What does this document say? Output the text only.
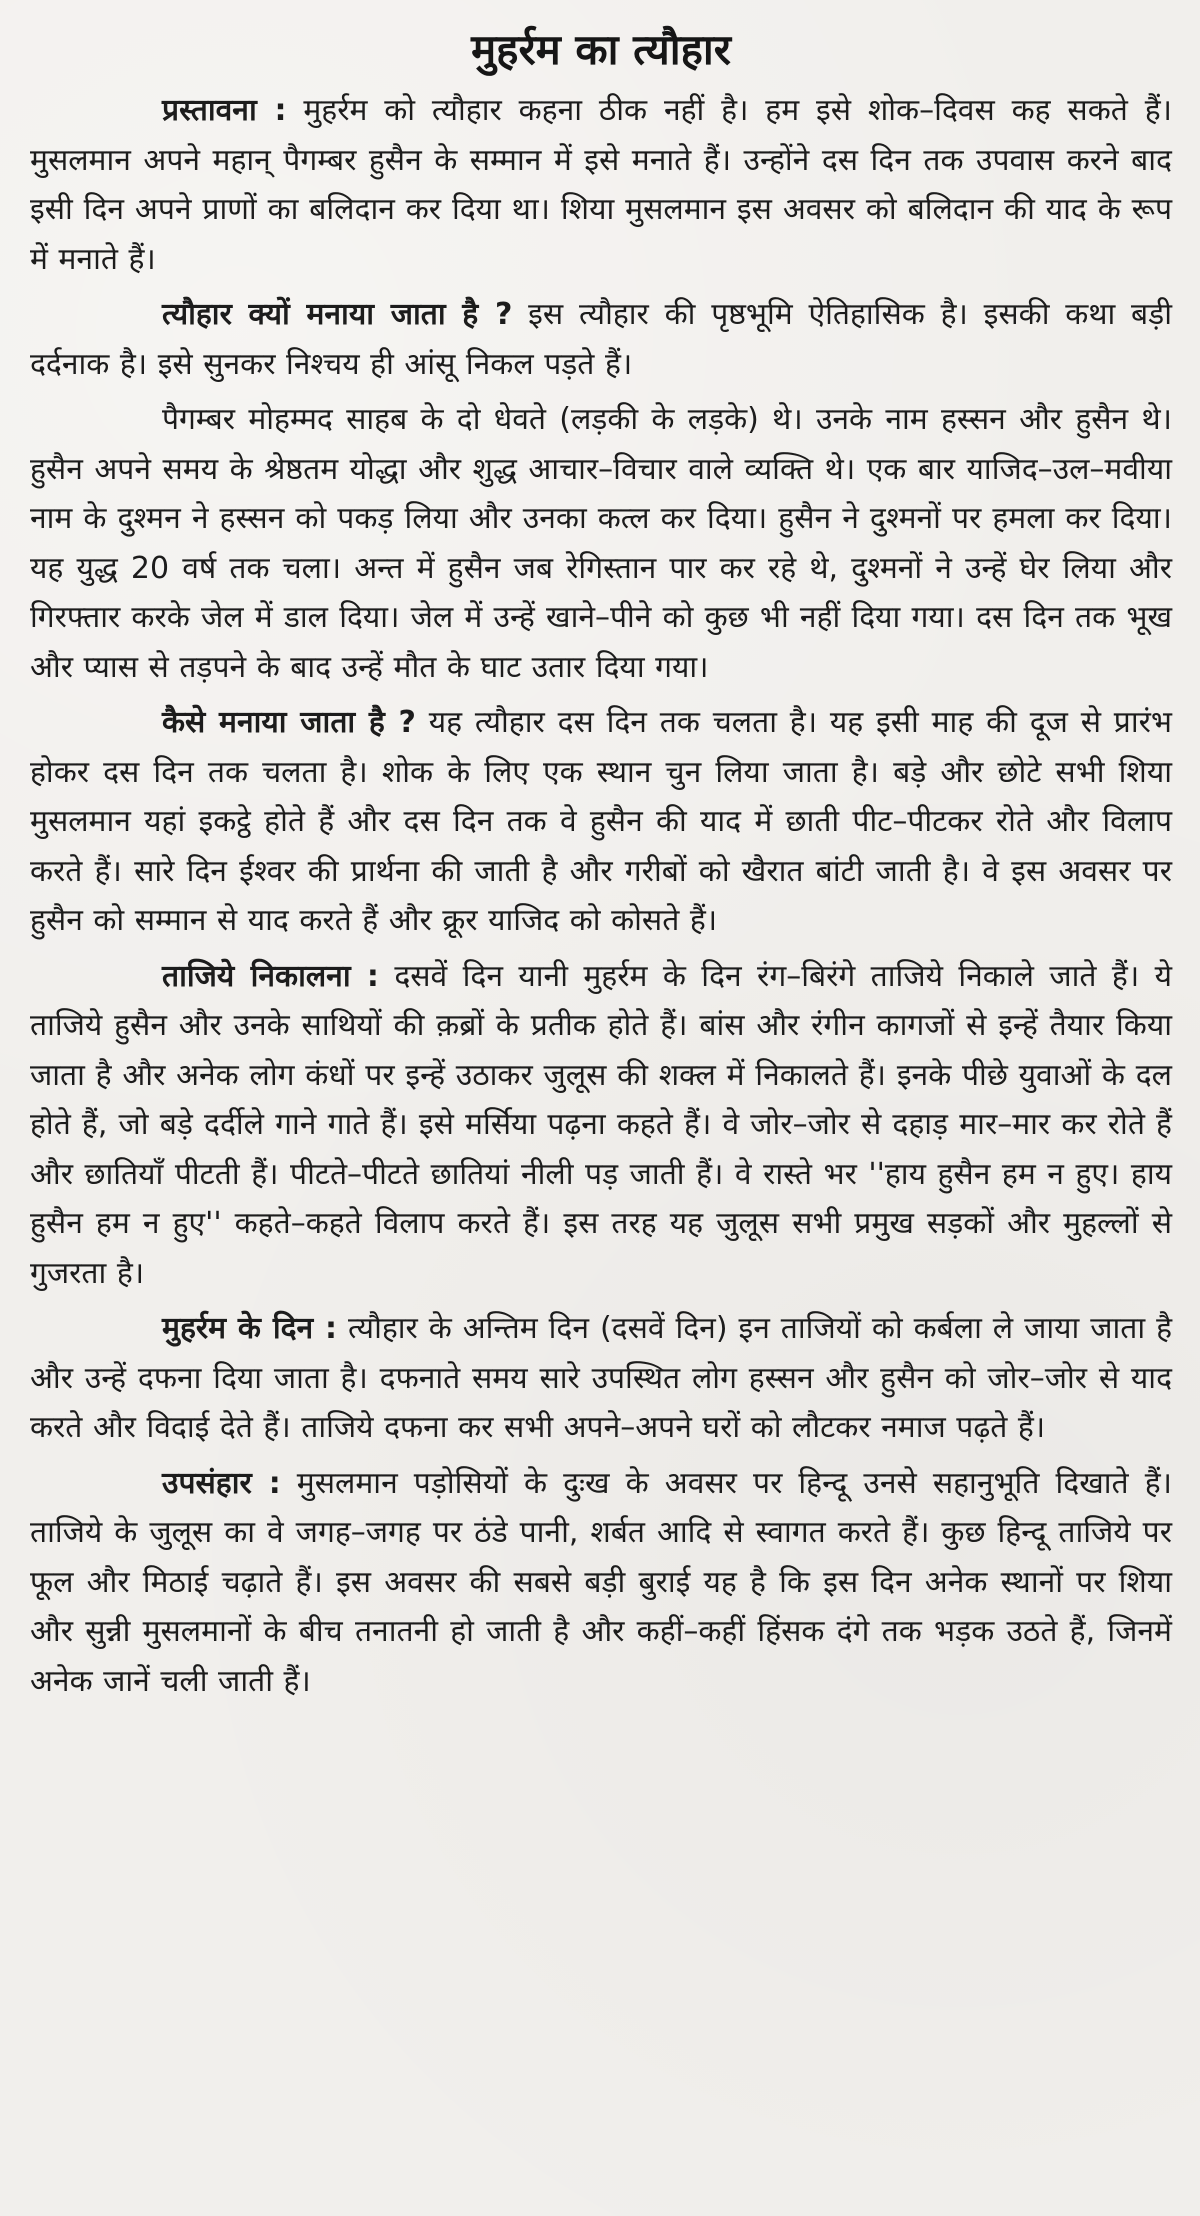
मुहर्रम का त्यौहार

प्रस्तावना : मुहर्रम को त्यौहार कहना ठीक नहीं है। हम इसे शोक–दिवस कह सकते हैं। मुसलमान अपने महान् पैगम्बर हुसैन के सम्मान में इसे मनाते हैं। उन्होंने दस दिन तक उपवास करने बाद इसी दिन अपने प्राणों का बलिदान कर दिया था। शिया मुसलमान इस अवसर को बलिदान की याद के रूप में मनाते हैं।

त्यौहार क्यों मनाया जाता है ? इस त्यौहार की पृष्ठभूमि ऐतिहासिक है। इसकी कथा बड़ी दर्दनाक है। इसे सुनकर निश्चय ही आंसू निकल पड़ते हैं।

पैगम्बर मोहम्मद साहब के दो धेवते (लड़की के लड़के) थे। उनके नाम हस्सन और हुसैन थे। हुसैन अपने समय के श्रेष्ठतम योद्धा और शुद्ध आचार–विचार वाले व्यक्ति थे। एक बार याजिद–उल–मवीया नाम के दुश्मन ने हस्सन को पकड़ लिया और उनका कत्ल कर दिया। हुसैन ने दुश्मनों पर हमला कर दिया। यह युद्ध 20 वर्ष तक चला। अन्त में हुसैन जब रेगिस्तान पार कर रहे थे, दुश्मनों ने उन्हें घेर लिया और गिरफ्तार करके जेल में डाल दिया। जेल में उन्हें खाने–पीने को कुछ भी नहीं दिया गया। दस दिन तक भूख और प्यास से तड़पने के बाद उन्हें मौत के घाट उतार दिया गया।

कैसे मनाया जाता है ? यह त्यौहार दस दिन तक चलता है। यह इसी माह की दूज से प्रारंभ होकर दस दिन तक चलता है। शोक के लिए एक स्थान चुन लिया जाता है। बड़े और छोटे सभी शिया मुसलमान यहां इकट्ठे होते हैं और दस दिन तक वे हुसैन की याद में छाती पीट–पीटकर रोते और विलाप करते हैं। सारे दिन ईश्वर की प्रार्थना की जाती है और गरीबों को खैरात बांटी जाती है। वे इस अवसर पर हुसैन को सम्मान से याद करते हैं और क्रूर याजिद को कोसते हैं।

ताजिये निकालना : दसवें दिन यानी मुहर्रम के दिन रंग–बिरंगे ताजिये निकाले जाते हैं। ये ताजिये हुसैन और उनके साथियों की क़ब्रों के प्रतीक होते हैं। बांस और रंगीन कागजों से इन्हें तैयार किया जाता है और अनेक लोग कंधों पर इन्हें उठाकर जुलूस की शक्ल में निकालते हैं। इनके पीछे युवाओं के दल होते हैं, जो बड़े दर्दीले गाने गाते हैं। इसे मर्सिया पढ़ना कहते हैं। वे जोर–जोर से दहाड़ मार–मार कर रोते हैं और छातियाँ पीटती हैं। पीटते–पीटते छातियां नीली पड़ जाती हैं। वे रास्ते भर ''हाय हुसैन हम न हुए। हाय हुसैन हम न हुए'' कहते–कहते विलाप करते हैं। इस तरह यह जुलूस सभी प्रमुख सड़कों और मुहल्लों से गुजरता है।

मुहर्रम के दिन : त्यौहार के अन्तिम दिन (दसवें दिन) इन ताजियों को कर्बला ले जाया जाता है और उन्हें दफना दिया जाता है। दफनाते समय सारे उपस्थित लोग हस्सन और हुसैन को जोर–जोर से याद करते और विदाई देते हैं। ताजिये दफना कर सभी अपने–अपने घरों को लौटकर नमाज पढ़ते हैं।

उपसंहार : मुसलमान पड़ोसियों के दुःख के अवसर पर हिन्दू उनसे सहानुभूति दिखाते हैं। ताजिये के जुलूस का वे जगह–जगह पर ठंडे पानी, शर्बत आदि से स्वागत करते हैं। कुछ हिन्दू ताजिये पर फूल और मिठाई चढ़ाते हैं। इस अवसर की सबसे बड़ी बुराई यह है कि इस दिन अनेक स्थानों पर शिया और सुन्नी मुसलमानों के बीच तनातनी हो जाती है और कहीं–कहीं हिंसक दंगे तक भड़क उठते हैं, जिनमें अनेक जानें चली जाती हैं।
